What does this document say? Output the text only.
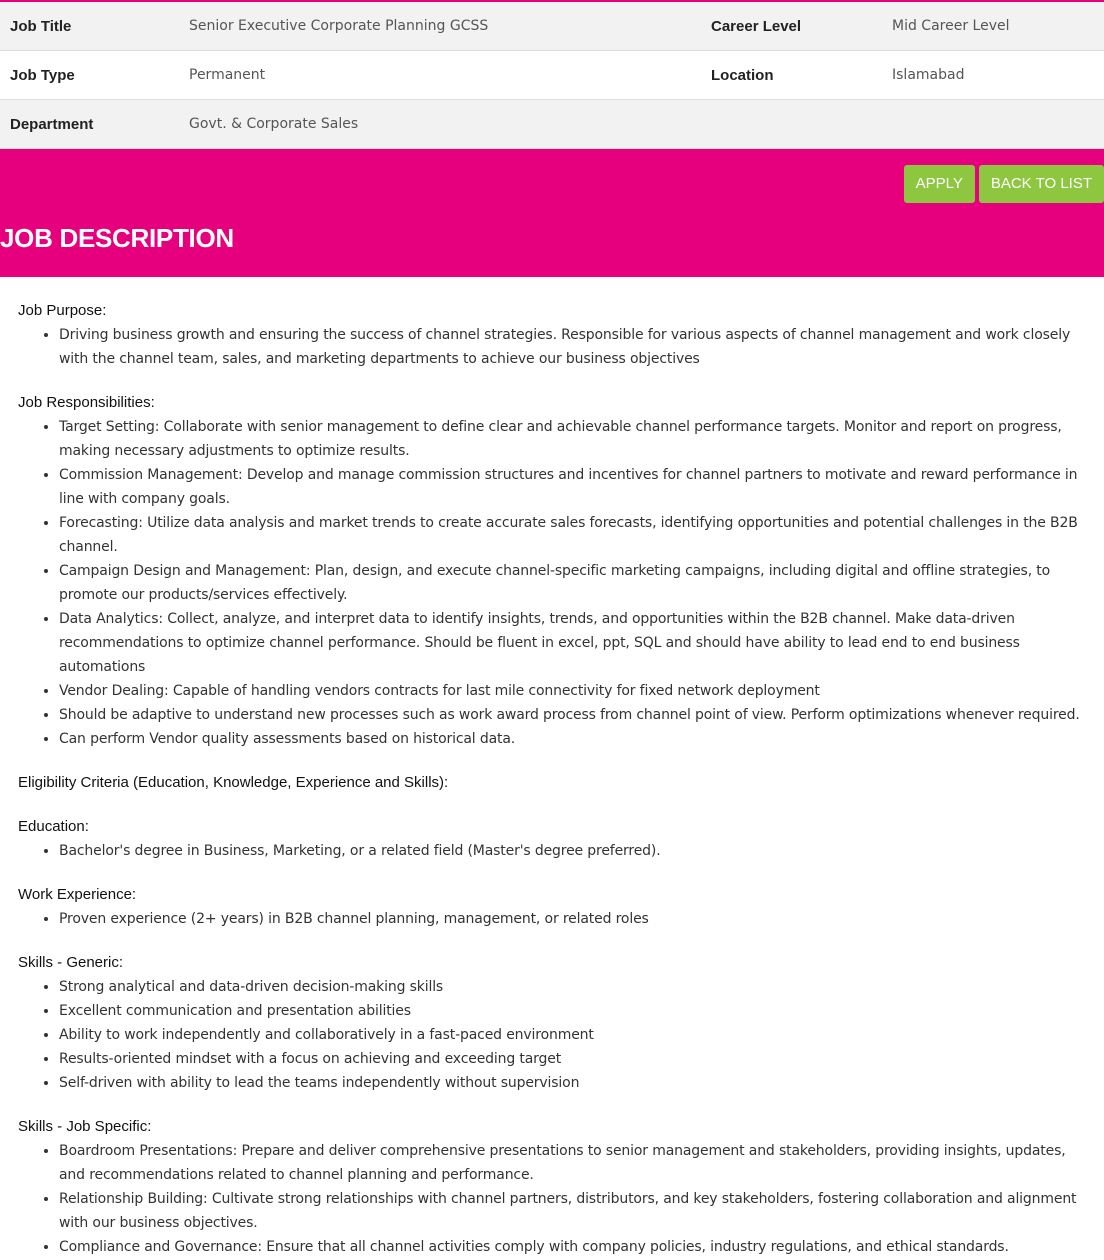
Job Title	Senior Executive Corporate Planning GCSS	Career Level	Mid Career Level
Job Type	Permanent	Location	Islamabad
Department	Govt. & Corporate Sales		
APPLY	BACK TO LIST
JOB DESCRIPTION
Job Purpose:
• Driving business growth and ensuring the success of channel strategies. Responsible for various aspects of channel management and work closely with the channel team, sales, and marketing departments to achieve our business objectives
Job Responsibilities:
• Target Setting: Collaborate with senior management to define clear and achievable channel performance targets. Monitor and report on progress, making necessary adjustments to optimize results.
• Commission Management: Develop and manage commission structures and incentives for channel partners to motivate and reward performance in line with company goals.
• Forecasting: Utilize data analysis and market trends to create accurate sales forecasts, identifying opportunities and potential challenges in the B2B channel.
• Campaign Design and Management: Plan, design, and execute channel-specific marketing campaigns, including digital and offline strategies, to promote our products/services effectively.
• Data Analytics: Collect, analyze, and interpret data to identify insights, trends, and opportunities within the B2B channel. Make data-driven recommendations to optimize channel performance. Should be fluent in excel, ppt, SQL and should have ability to lead end to end business automations
• Vendor Dealing: Capable of handling vendors contracts for last mile connectivity for fixed network deployment
• Should be adaptive to understand new processes such as work award process from channel point of view. Perform optimizations whenever required.
• Can perform Vendor quality assessments based on historical data.
Eligibility Criteria (Education, Knowledge, Experience and Skills):
Education:
• Bachelor's degree in Business, Marketing, or a related field (Master's degree preferred).
Work Experience:
• Proven experience (2+ years) in B2B channel planning, management, or related roles
Skills - Generic:
• Strong analytical and data-driven decision-making skills
• Excellent communication and presentation abilities
• Ability to work independently and collaboratively in a fast-paced environment
• Results-oriented mindset with a focus on achieving and exceeding target
• Self-driven with ability to lead the teams independently without supervision
Skills - Job Specific:
• Boardroom Presentations: Prepare and deliver comprehensive presentations to senior management and stakeholders, providing insights, updates, and recommendations related to channel planning and performance.
• Relationship Building: Cultivate strong relationships with channel partners, distributors, and key stakeholders, fostering collaboration and alignment with our business objectives.
• Compliance and Governance: Ensure that all channel activities comply with company policies, industry regulations, and ethical standards.
